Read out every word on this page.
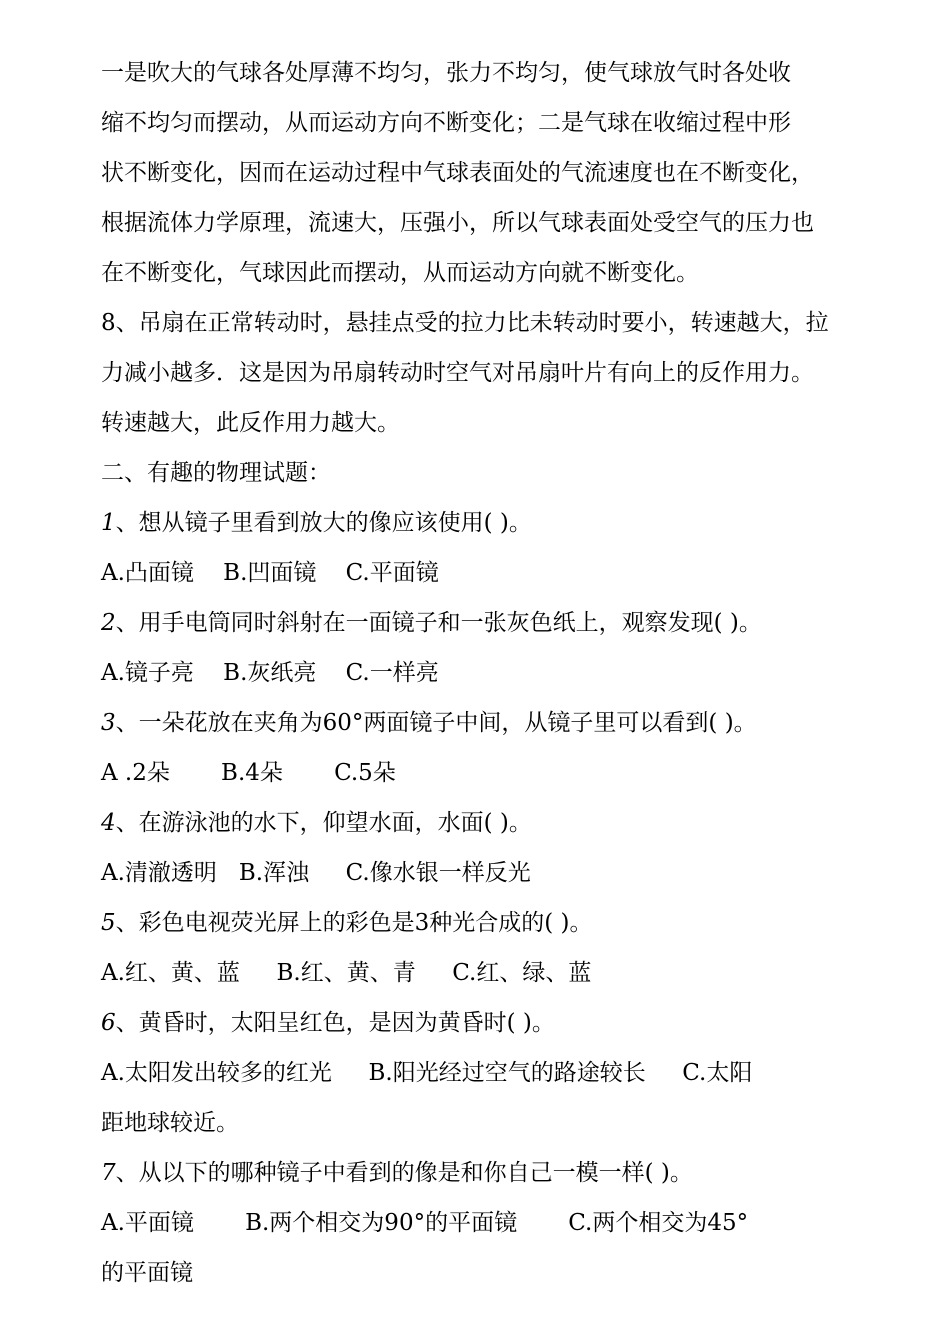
一是吹大的气球各处厚薄不均匀，张力不均匀，使气球放气时各处收
缩不均匀而摆动，从而运动方向不断变化；二是气球在收缩过程中形
状不断变化，因而在运动过程中气球表面处的气流速度也在不断变化，
根据流体力学原理，流速大，压强小，所以气球表面处受空气的压力也
在不断变化，气球因此而摆动，从而运动方向就不断变化。
8、吊扇在正常转动时，悬挂点受的拉力比未转动时要小，转速越大，拉
力减小越多．这是因为吊扇转动时空气对吊扇叶片有向上的反作用力。
转速越大，此反作用力越大。
二、有趣的物理试题：
1、想从镜子里看到放大的像应该使用( )。
A.凸面镜    B.凹面镜    C.平面镜
2、用手电筒同时斜射在一面镜子和一张灰色纸上，观察发现( )。
A.镜子亮    B.灰纸亮    C.一样亮
3、一朵花放在夹角为60°两面镜子中间，从镜子里可以看到( )。
A .2朵       B.4朵       C.5朵
4、在游泳池的水下，仰望水面，水面( )。
A.清澈透明   B.浑浊     C.像水银一样反光
5、彩色电视荧光屏上的彩色是3种光合成的( )。
A.红、黄、蓝     B.红、黄、青     C.红、绿、蓝
6、黄昏时，太阳呈红色，是因为黄昏时( )。
A.太阳发出较多的红光     B.阳光经过空气的路途较长     C.太阳
距地球较近。
7、从以下的哪种镜子中看到的像是和你自己一模一样( )。
A.平面镜       B.两个相交为90°的平面镜       C.两个相交为45°
的平面镜
